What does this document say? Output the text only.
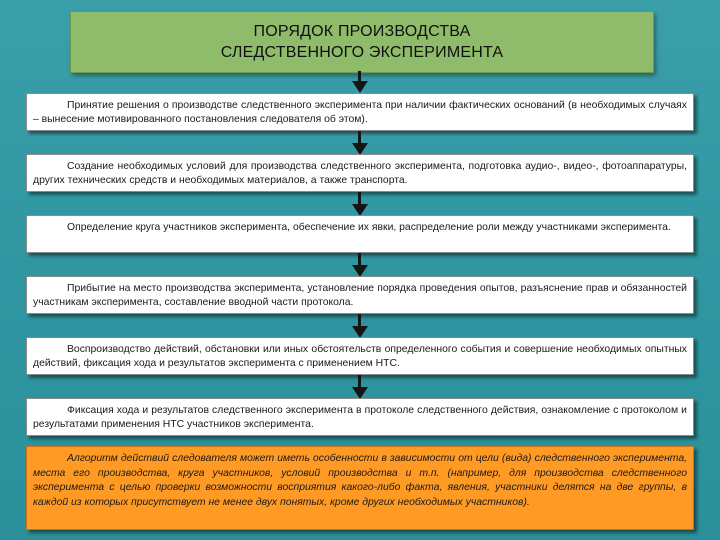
ПОРЯДОК ПРОИЗВОДСТВА
СЛЕДСТВЕННОГО ЭКСПЕРИМЕНТА
Принятие решения о производстве следственного эксперимента при наличии фактических оснований (в необходимых случаях – вынесение мотивированного постановления следователя об этом).
Создание необходимых условий для производства следственного эксперимента, подготовка аудио-, видео-, фотоаппаратуры, других технических средств и необходимых материалов, а также транспорта.
Определение круга участников эксперимента, обеспечение их явки, распределение роли между участниками эксперимента.
Прибытие на место производства эксперимента, установление порядка проведения опытов, разъяснение прав и обязанностей участникам эксперимента, составление вводной части протокола.
Воспроизводство действий, обстановки или иных обстоятельств определенного события и совершение необходимых опытных действий, фиксация хода и результатов эксперимента с применением НТС.
Фиксация хода и результатов следственного эксперимента в протоколе следственного действия, ознакомление с протоколом и результатами применения НТС участников эксперимента.
Алгоритм действий следователя может иметь особенности в зависимости от цели (вида) следственного эксперимента, места его производства, круга участников, условий производства и т.п. (например, для производства следственного эксперимента с целью проверки возможности восприятия какого-либо факта, явления, участники делятся на две группы, в каждой из которых присутствует не менее двух понятых, кроме других необходимых участников).
